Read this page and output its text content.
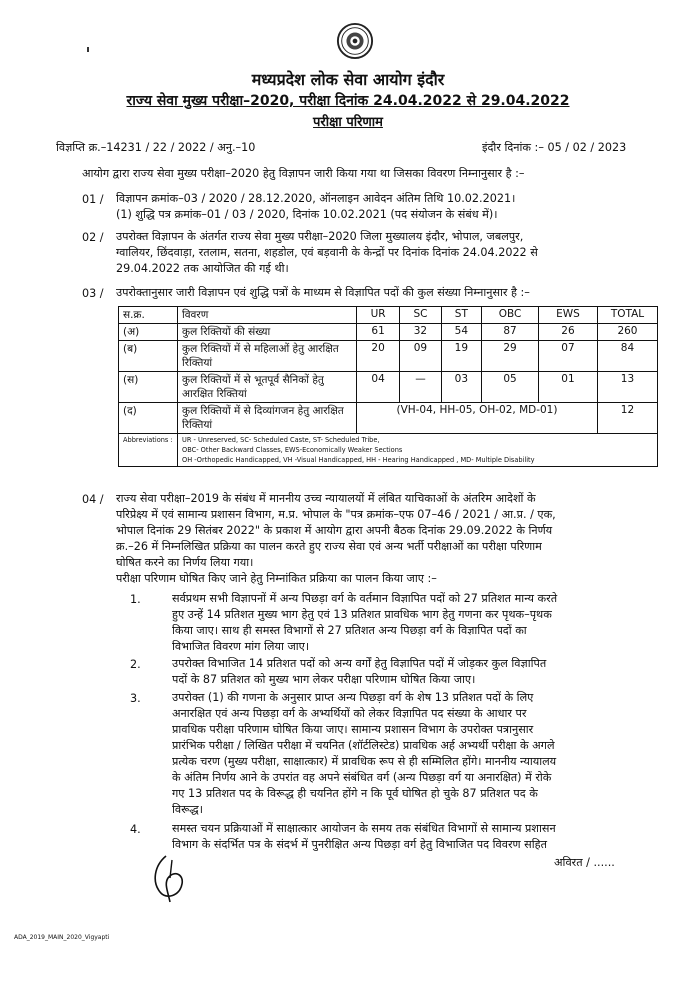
मध्यप्रदेश लोक सेवा आयोग इंदौर
राज्य सेवा मुख्य परीक्षा–2020, परीक्षा दिनांक 24.04.2022 से 29.04.2022
परीक्षा परिणाम
विज्ञप्ति क्र.–14231 / 22 / 2022 / अनु.–10	इंदौर दिनांक :– 05 / 02 / 2023
आयोग द्वारा राज्य सेवा मुख्य परीक्षा–2020 हेतु विज्ञापन जारी किया गया था जिसका विवरण निम्नानुसार है :–
01 / विज्ञापन क्रमांक–03 / 2020 / 28.12.2020, ऑनलाइन आवेदन अंतिम तिथि 10.02.2021।
(1) शुद्धि पत्र क्रमांक–01 / 03 / 2020, दिनांक 10.02.2021 (पद संयोजन के संबंध में)।
02 / उपरोक्त विज्ञापन के अंतर्गत राज्य सेवा मुख्य परीक्षा–2020 जिला मुख्यालय इंदौर, भोपाल, जबलपुर,
ग्वालियर, छिंदवाड़ा, रतलाम, सतना, शहडोल, एवं बड़वानी के केन्द्रों पर दिनांक दिनांक 24.04.2022 से
29.04.2022 तक आयोजित की गई थी।
03 / उपरोक्तानुसार जारी विज्ञापन एवं शुद्धि पत्रों के माध्यम से विज्ञापित पदों की कुल संख्या निम्नानुसार है :–
स.क्र.	विवरण	UR	SC	ST	OBC	EWS	TOTAL
(अ)	कुल रिक्तियों की संख्या	61	32	54	87	26	260
(ब)	कुल रिक्तियों में से महिलाओं हेतु आरक्षित रिक्तियां	20	09	19	29	07	84
(स)	कुल रिक्तियों में से भूतपूर्व सैनिकों हेतु आरक्षित रिक्तियां	04	—	03	05	01	13
(द)	कुल रिक्तियों में से दिव्यांगजन हेतु आरक्षित रिक्तियां	(VH-04, HH-05, OH-02, MD-01)					12
Abbreviations :	UR - Unreserved, SC- Scheduled Caste, ST- Scheduled Tribe,
OBC- Other Backward Classes, EWS-Economically Weaker Sections
OH -Orthopedic Handicapped, VH -Visual Handicapped, HH - Hearing Handicapped , MD- Multiple Disability						
04 / राज्य सेवा परीक्षा–2019 के संबंध में माननीय उच्च न्यायालयों में लंबित याचिकाओं के अंतरिम आदेशों के
परिप्रेक्ष्य में एवं सामान्य प्रशासन विभाग, म.प्र. भोपाल के "पत्र क्रमांक–एफ 07–46 / 2021 / आ.प्र. / एक,
भोपाल दिनांक 29 सितंबर 2022" के प्रकाश में आयोग द्वारा अपनी बैठक दिनांक 29.09.2022 के निर्णय
क्र.–26 में निम्नलिखित प्रक्रिया का पालन करते हुए राज्य सेवा एवं अन्य भर्ती परीक्षाओं का परीक्षा परिणाम
घोषित करने का निर्णय लिया गया।
परीक्षा परिणाम घोषित किए जाने हेतु निम्नांकित प्रक्रिया का पालन किया जाए :–
1.	सर्वप्रथम सभी विज्ञापनों में अन्य पिछड़ा वर्ग के वर्तमान विज्ञापित पदों को 27 प्रतिशत मान्य करते
हुए उन्हें 14 प्रतिशत मुख्य भाग हेतु एवं 13 प्रतिशत प्रावधिक भाग हेतु गणना कर पृथक–पृथक
किया जाए। साथ ही समस्त विभागों से 27 प्रतिशत अन्य पिछड़ा वर्ग के विज्ञापित पदों का
विभाजित विवरण मांग लिया जाए।
2.	उपरोक्त विभाजित 14 प्रतिशत पदों को अन्य वर्गों हेतु विज्ञापित पदों में जोड़कर कुल विज्ञापित
पदों के 87 प्रतिशत को मुख्य भाग लेकर परीक्षा परिणाम घोषित किया जाए।
3.	उपरोक्त (1) की गणना के अनुसार प्राप्त अन्य पिछड़ा वर्ग के शेष 13 प्रतिशत पदों के लिए
अनारक्षित एवं अन्य पिछड़ा वर्ग के अभ्यर्थियों को लेकर विज्ञापित पद संख्या के आधार पर
प्रावधिक परीक्षा परिणाम घोषित किया जाए। सामान्य प्रशासन विभाग के उपरोक्त पत्रानुसार
प्रारंभिक परीक्षा / लिखित परीक्षा में चयनित (शॉर्टलिस्टेड) प्रावधिक अर्ह अभ्यर्थी परीक्षा के अगले
प्रत्येक चरण (मुख्य परीक्षा, साक्षात्कार) में प्रावधिक रूप से ही सम्मिलित होंगे। माननीय न्यायालय
के अंतिम निर्णय आने के उपरांत वह अपने संबंधित वर्ग (अन्य पिछड़ा वर्ग या अनारक्षित) में रोके
गए 13 प्रतिशत पद के विरूद्ध ही चयनित होंगे न कि पूर्व घोषित हो चुके 87 प्रतिशत पद के
विरूद्ध।
4.	समस्त चयन प्रक्रियाओं में साक्षात्कार आयोजन के समय तक संबंधित विभागों से सामान्य प्रशासन
विभाग के संदर्भित पत्र के संदर्भ में पुनरीक्षित अन्य पिछड़ा वर्ग हेतु विभाजित पद विवरण सहित
अविरत / ......
ADA_2019_MAIN_2020_Vigyapti
